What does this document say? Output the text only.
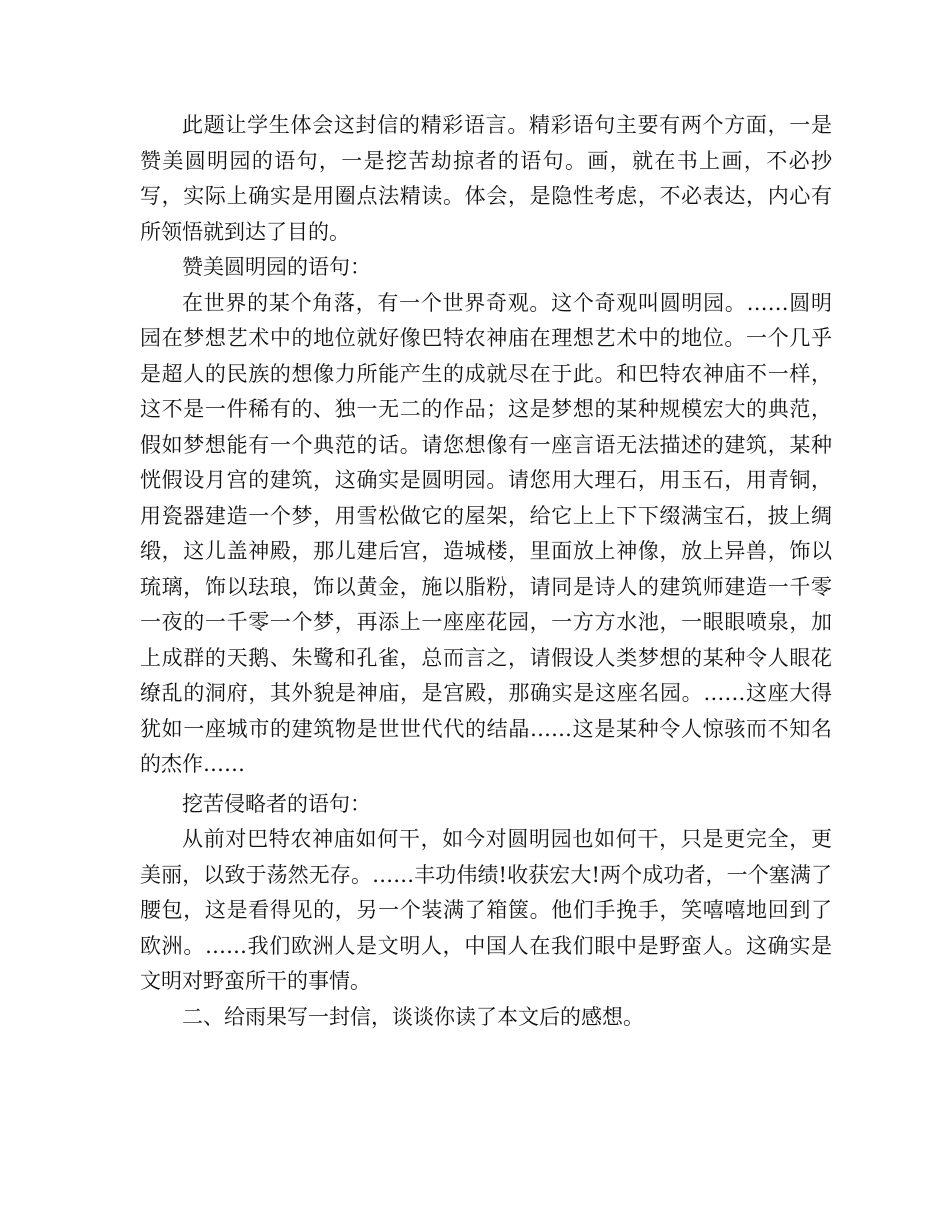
此题让学生体会这封信的精彩语言。精彩语句主要有两个方面，一是赞美圆明园的语句，一是挖苦劫掠者的语句。画，就在书上画，不必抄写，实际上确实是用圈点法精读。体会，是隐性考虑，不必表达，内心有所领悟就到达了目的。

赞美圆明园的语句：

在世界的某个角落，有一个世界奇观。这个奇观叫圆明园。……圆明园在梦想艺术中的地位就好像巴特农神庙在理想艺术中的地位。一个几乎是超人的民族的想像力所能产生的成就尽在于此。和巴特农神庙不一样，这不是一件稀有的、独一无二的作品；这是梦想的某种规模宏大的典范，假如梦想能有一个典范的话。请您想像有一座言语无法描述的建筑，某种恍假设月宫的建筑，这确实是圆明园。请您用大理石，用玉石，用青铜，用瓷器建造一个梦，用雪松做它的屋架，给它上上下下缀满宝石，披上绸缎，这儿盖神殿，那儿建后宫，造城楼，里面放上神像，放上异兽，饰以琉璃，饰以珐琅，饰以黄金，施以脂粉，请同是诗人的建筑师建造一千零一夜的一千零一个梦，再添上一座座花园，一方方水池，一眼眼喷泉，加上成群的天鹅、朱鹭和孔雀，总而言之，请假设人类梦想的某种令人眼花缭乱的洞府，其外貌是神庙，是宫殿，那确实是这座名园。……这座大得犹如一座城市的建筑物是世世代代的结晶……这是某种令人惊骇而不知名的杰作……

挖苦侵略者的语句：

从前对巴特农神庙如何干，如今对圆明园也如何干，只是更完全，更美丽，以致于荡然无存。……丰功伟绩!收获宏大!两个成功者，一个塞满了腰包，这是看得见的，另一个装满了箱箧。他们手挽手，笑嘻嘻地回到了欧洲。……我们欧洲人是文明人，中国人在我们眼中是野蛮人。这确实是文明对野蛮所干的事情。

二、给雨果写一封信，谈谈你读了本文后的感想。
